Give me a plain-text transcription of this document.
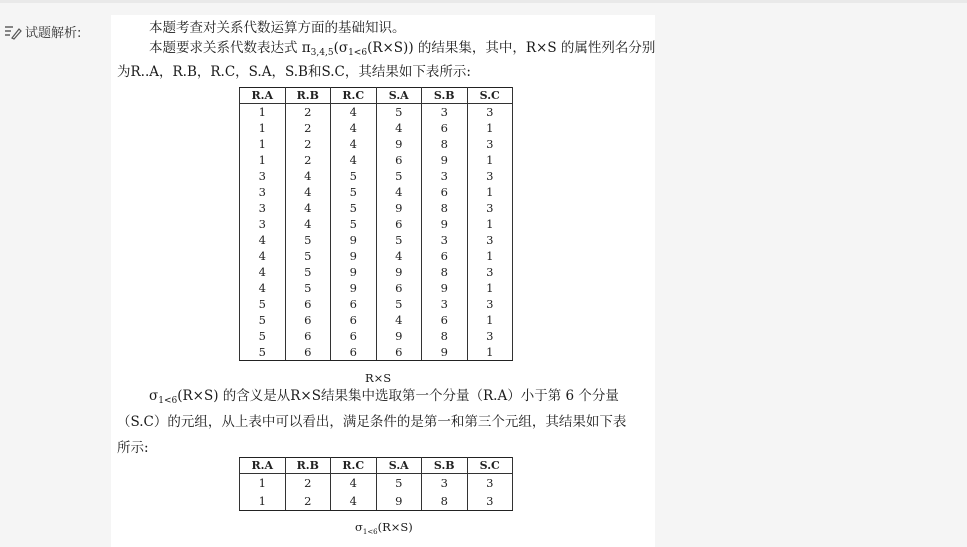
试题解析:	本题考查对关系代数运算方面的基础知识。
本题要求关系代数表达式 $\pi_{3,4,5}(\sigma_{1<6}(R\times S))$ 的结果集，其中，R×S 的属性列名分别
为R..A，R.B，R.C，S.A，S.B和S.C，其结果如下表所示:
R.A	R.B	R.C	S.A	S.B	S.C
1	2	4	5	3	3
1	2	4	4	6	1
1	2	4	9	8	3
1	2	4	6	9	1
3	4	5	5	3	3
3	4	5	4	6	1
3	4	5	9	8	3
3	4	5	6	9	1
4	5	9	5	3	3
4	5	9	4	6	1
4	5	9	9	8	3
4	5	9	6	9	1
5	6	6	5	3	3
5	6	6	4	6	1
5	6	6	9	8	3
5	6	6	6	9	1
R×S
$\sigma_{1<6}(R\times S)$ 的含义是从R×S结果集中选取第一个分量（R.A）小于第 6 个分量
（S.C）的元组，从上表中可以看出，满足条件的是第一和第三个元组，其结果如下表
所示:
R.A	R.B	R.C	S.A	S.B	S.C
1	2	4	5	3	3
1	2	4	9	8	3
$\sigma_{1<6}(R\times S)$
